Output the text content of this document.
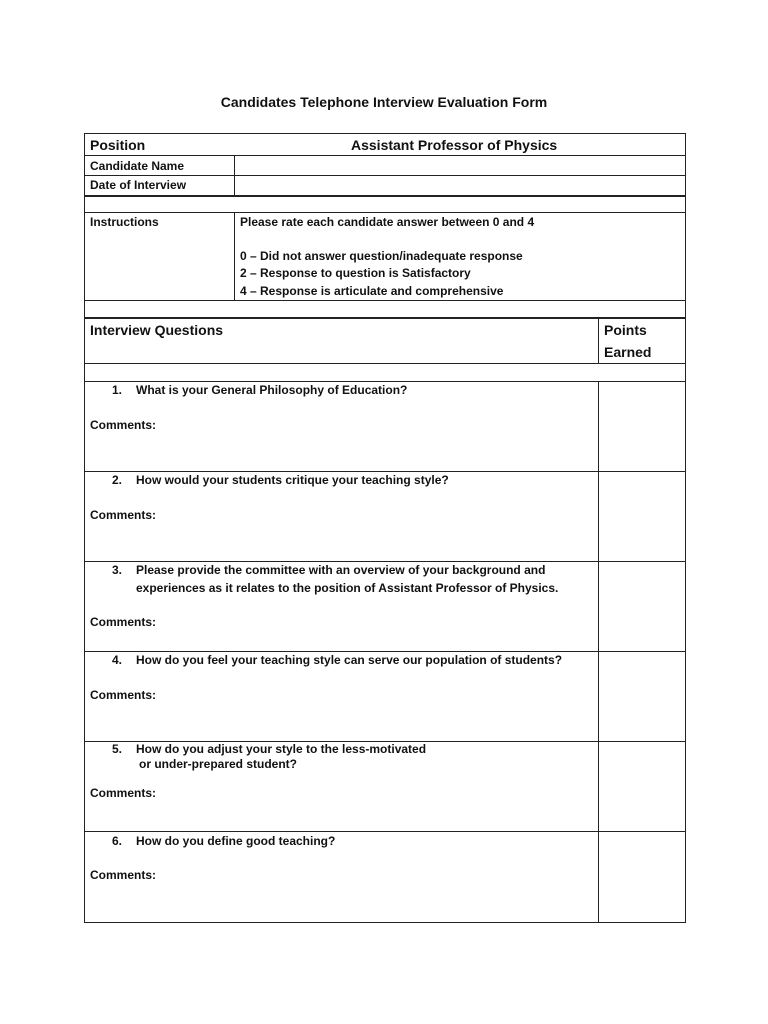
Candidates Telephone Interview Evaluation Form
Position	Assistant Professor of Physics
Candidate Name
Date of Interview
Instructions	Please rate each candidate answer between 0 and 4
0 – Did not answer question/inadequate response
2 – Response to question is Satisfactory
4 – Response is articulate and comprehensive
Interview Questions	Points
Earned
1. What is your General Philosophy of Education?
Comments:
2. How would your students critique your teaching style?
Comments:
3. Please provide the committee with an overview of your background and
experiences as it relates to the position of Assistant Professor of Physics.
Comments:
4. How do you feel your teaching style can serve our population of students?
Comments:
5. How do you adjust your style to the less-motivated
or under-prepared student?
Comments:
6. How do you define good teaching?
Comments:
